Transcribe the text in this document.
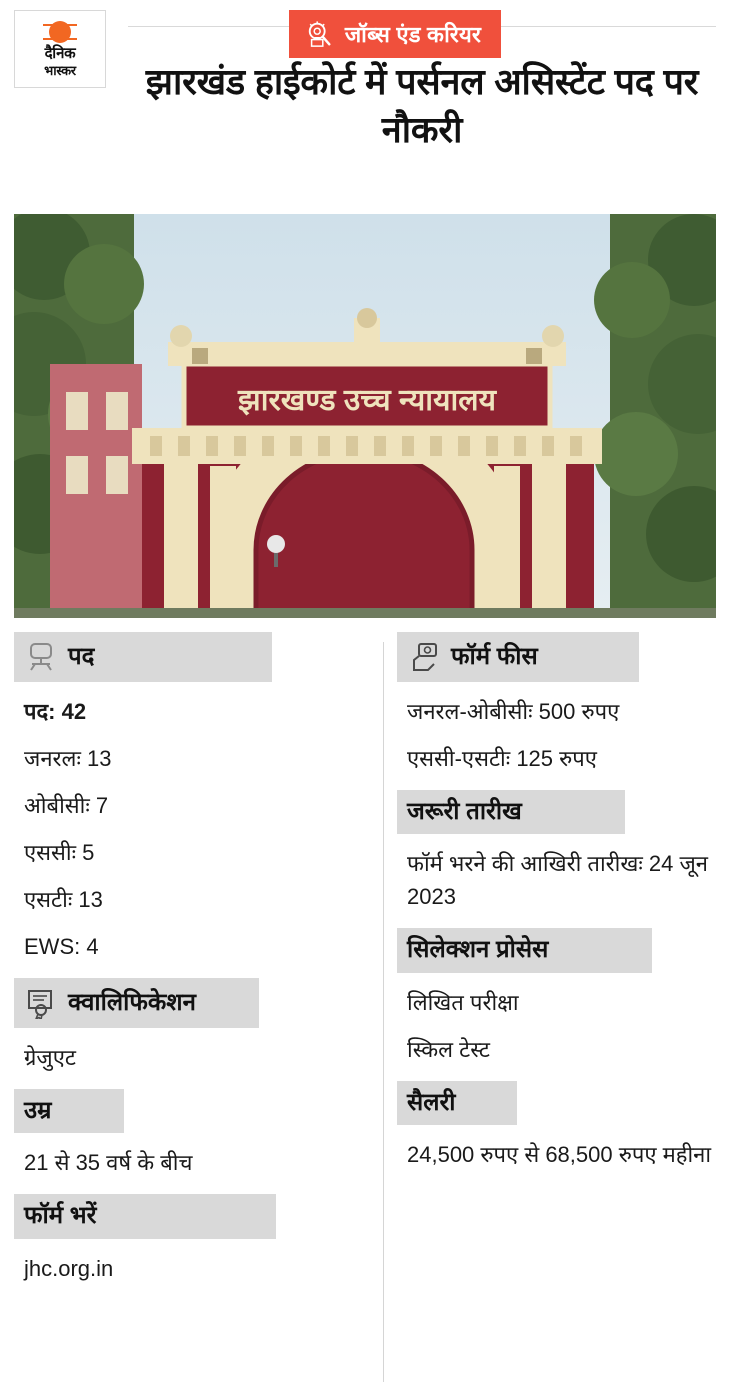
दैनिक
भास्कर
जॉब्स एंड करियर
झारखंड हाईकोर्ट में पर्सनल असिस्टेंट पद पर नौकरी
झारखण्ड उच्च न्यायालय
पद
पद: 42
जनरलः 13
ओबीसीः 7
एससीः 5
एसटीः 13
EWS: 4
क्वालिफिकेशन
ग्रेजुएट
उम्र
21 से 35 वर्ष के बीच
फॉर्म भरें
jhc.org.in
फॉर्म फीस
जनरल-ओबीसीः 500 रुपए
एससी-एसटीः 125 रुपए
जरूरी तारीख
फॉर्म भरने की आखिरी तारीखः 24 जून 2023
सिलेक्शन प्रोसेस
लिखित परीक्षा
स्किल टेस्ट
सैलरी
24,500 रुपए से 68,500 रुपए महीना
